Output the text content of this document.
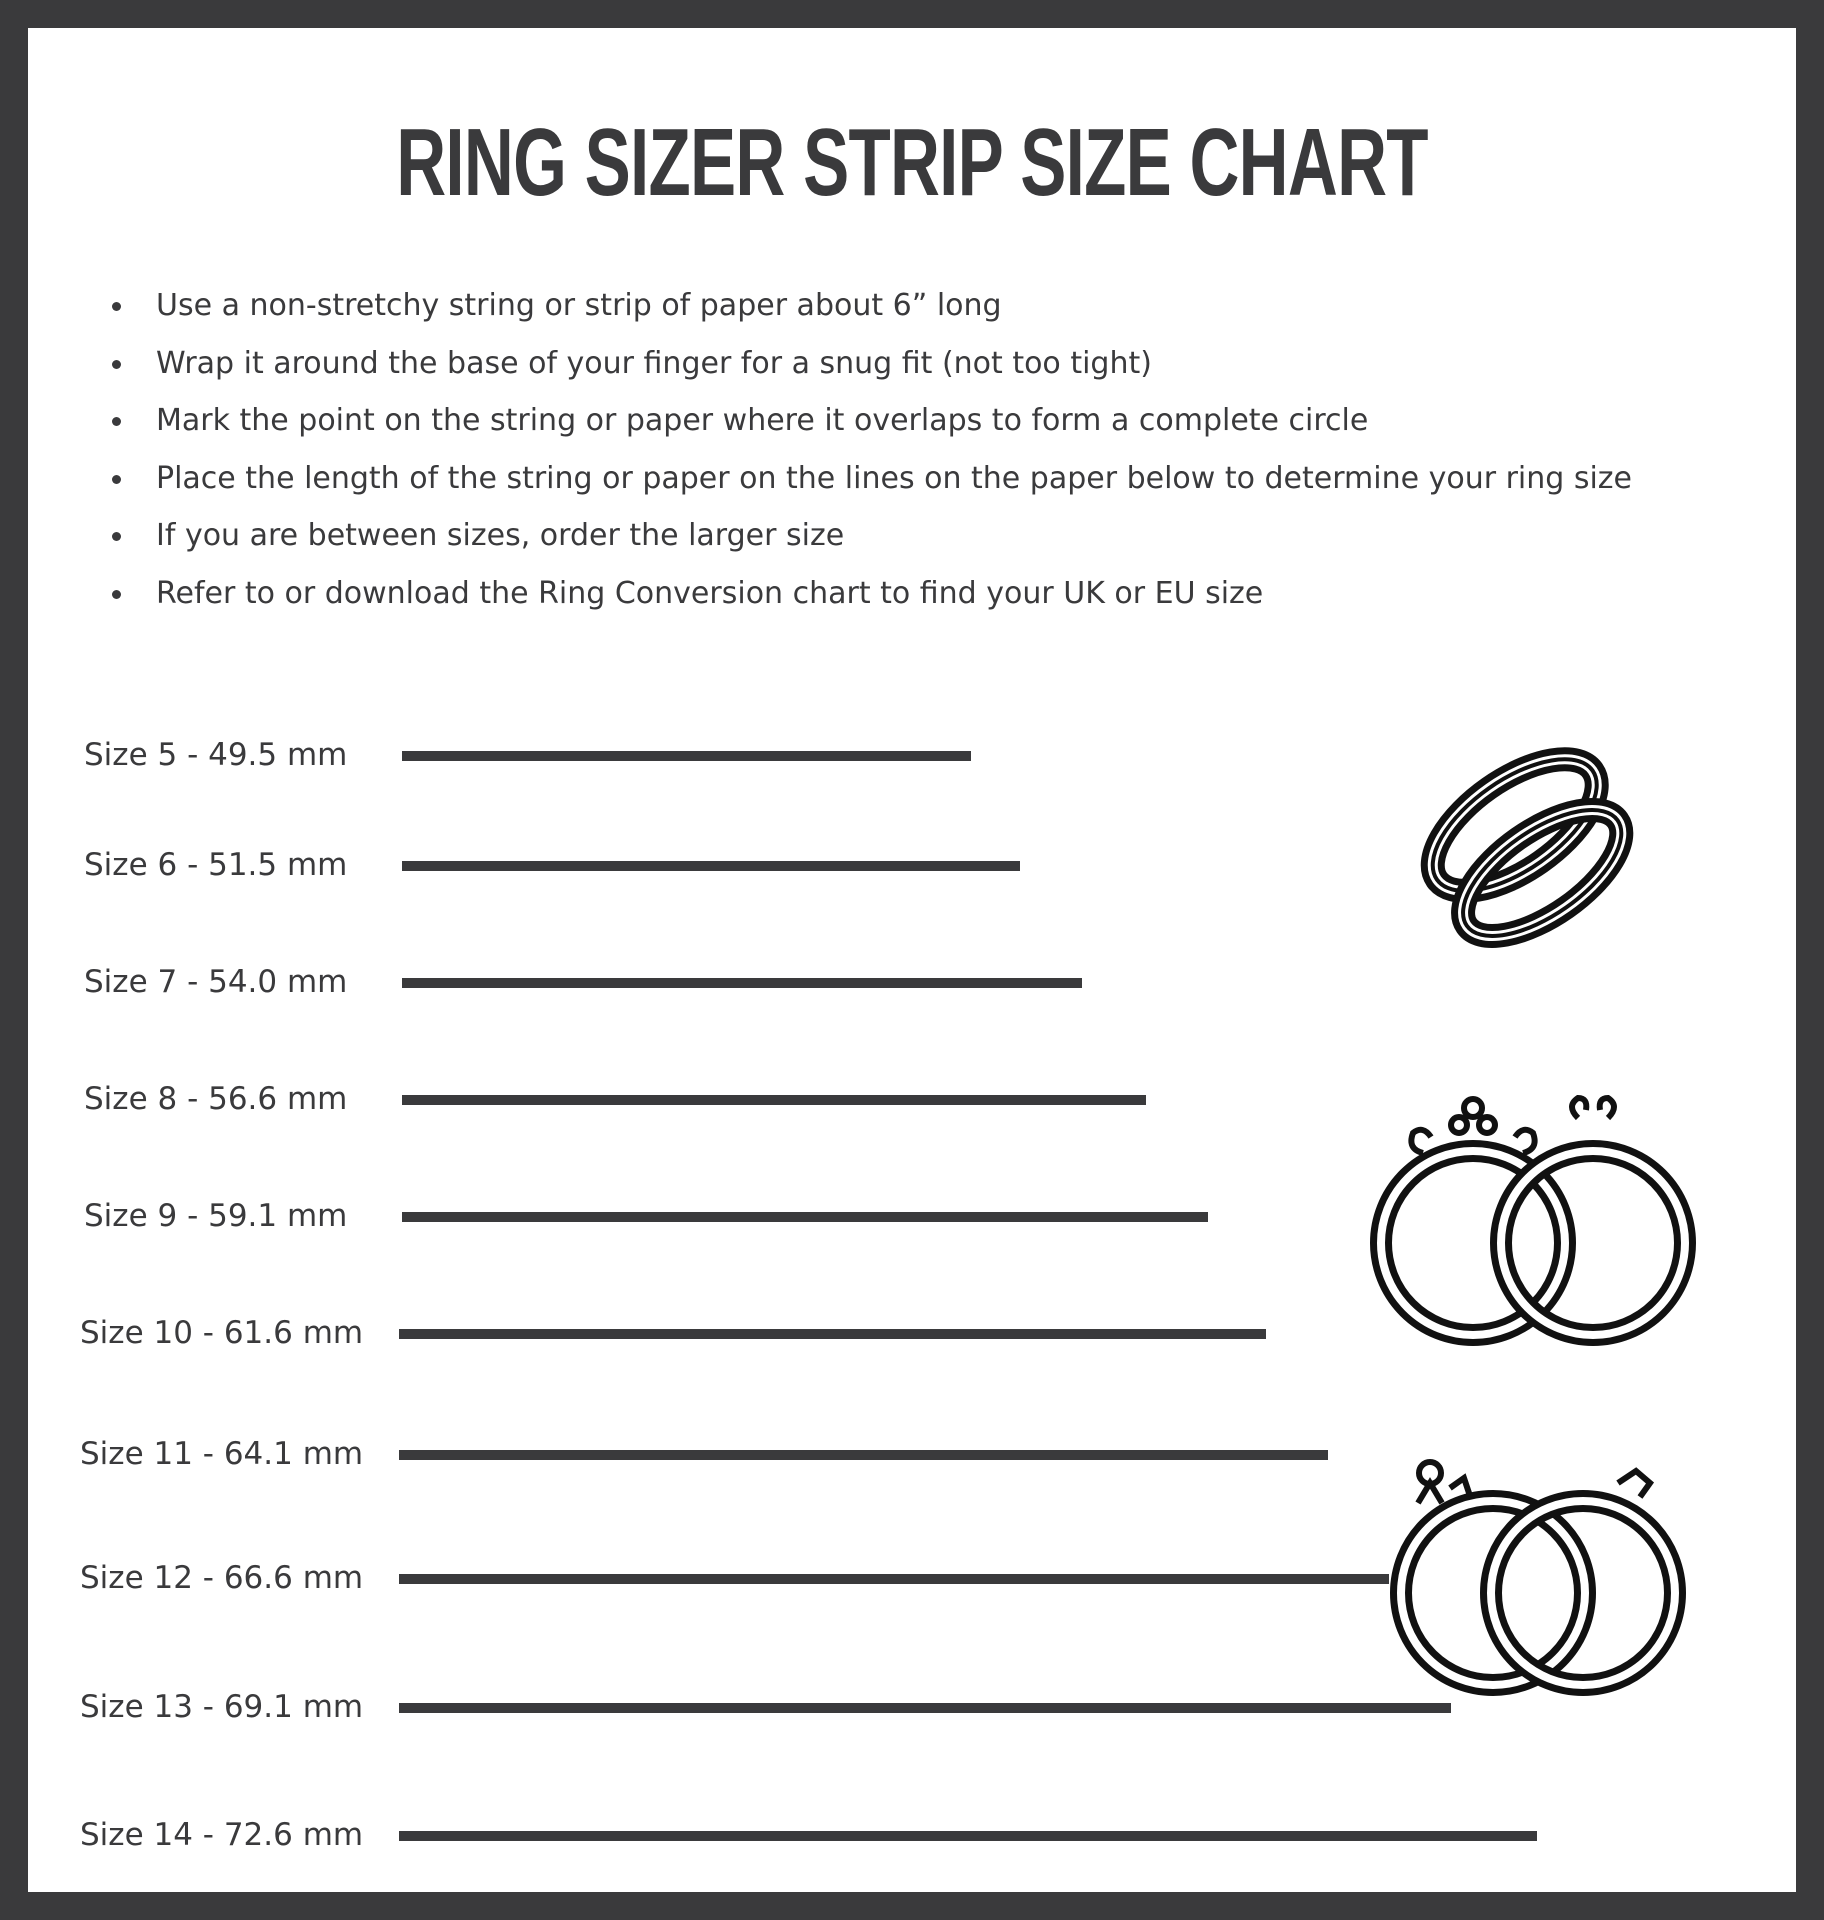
RING SIZER STRIP SIZE CHART
Use a non-stretchy string or strip of paper about 6” long
Wrap it around the base of your finger for a snug fit (not too tight)
Mark the point on the string or paper where it overlaps to form a complete circle
Place the length of the string or paper on the lines on the paper below to determine your ring size
If you are between sizes, order the larger size
Refer to or download the Ring Conversion chart to find your UK or EU size
Size 5 - 49.5 mm
Size 6 - 51.5 mm
Size 7 - 54.0 mm
Size 8 - 56.6 mm
Size 9 - 59.1 mm
Size 10 - 61.6 mm
Size 11 - 64.1 mm
Size 12 - 66.6 mm
Size 13 - 69.1 mm
Size 14 - 72.6 mm
